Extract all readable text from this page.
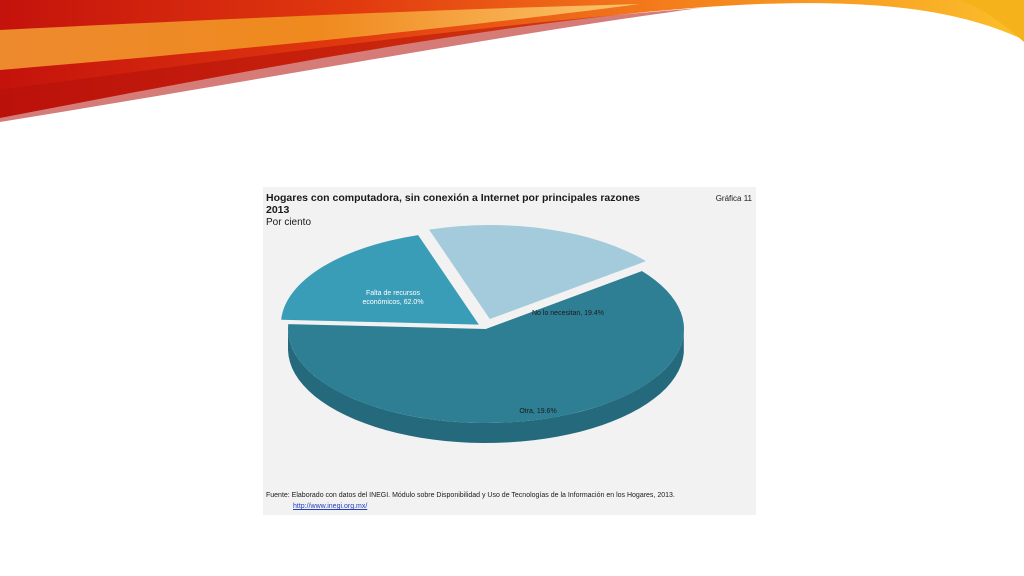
Hogares con computadora, sin conexión a Internet por principales razones
2013
Por ciento
Gráfica 11
Falta de recursos económicos, 62.0%
No lo necesitan, 19.4%
Otra, 19.6%
Fuente: Elaborado con datos del INEGI. Módulo sobre Disponibilidad y Uso de Tecnologías de la Información en los Hogares, 2013.
http://www.inegi.org.mx/
